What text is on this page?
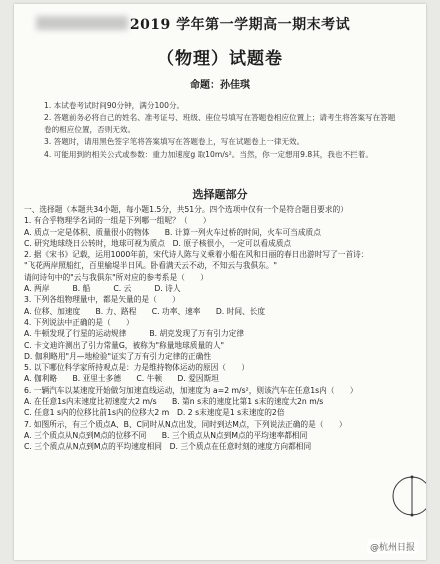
2019 学年第一学期高一期末考试
（物理）试题卷
命题：孙佳琪

1. 本试卷考试时间90分钟，满分100分。

2. 答题前务必将自己的姓名、准考证号、班级、座位号填写在答题卷相应位置上；请考生将答案写在答题卷的相应位置，否则无效。

3. 答题时，请用黑色签字笔将答案填写在答题卷上，写在试题卷上一律无效。

4. 可能用到的相关公式或参数：重力加速度g 取10m/s²。当然，你一定想用9.8其，我也不拦着。

选择题部分

一、选择题（本题共34小题，每小题1.5分，共51分。四个选项中仅有一个是符合题目要求的）

1. 有合乎物理学名词的一组是下列哪一组呢？（　　）

A. 质点一定是体积、质量很小的物体　　B. 计算一列火车过桥的时间，火车可当成质点

C. 研究地球绕日公转时，地球可视为质点　D. 原子核很小，一定可以看成质点

2. 据《宋书》记载，运用1000年前，宋代诗人陈与义乘着小船在风和日丽的春日出游时写了一首诗：

"飞花两岸照船红，百里榆堤半日风。卧看满天云不动，不知云与我俱东。"

请问诗句中的"云与我俱东"所对应的参考系是（　　）

A. 两岸　　　B. 船　　　C. 云　　　D. 诗人

3. 下列各组物理量中，都是矢量的是（　　）

A. 位移、加速度　　B. 力、路程　　C. 功率、速率　　D. 时间、长度

4. 下列说法中正确的是（　　）

A. 牛顿发现了行星的运动规律　　　B. 胡克发现了万有引力定律

C. 卡文迪许测出了引力常量G，被称为"称量地球质量的人"

D. 伽利略用"月—地检验"证实了万有引力定律的正确性

5. 以下哪位科学家所持观点是：力是维持物体运动的原因（　　）

A. 伽利略　　B. 亚里士多德　　C. 牛顿　　D. 爱因斯坦

6. 一辆汽车以某速度开始做匀加速直线运动，加速度为 a=2 m/s²，则该汽车在任意1s内（　　）

A. 在任意1s内末速度比初速度大2 m/s　　B. 第n s末的速度比第1 s末的速度大2n m/s

C. 任意1 s内的位移比前1s内的位移大2 m　D. 2 s末速度是1 s末速度的2倍

7. 如图所示，有三个质点A、B、C同时从N点出发，同时到达M点，下列说法正确的是（　　）

A. 三个质点从N点到M点的位移不同　　B. 三个质点从N点到M点的平均速率都相同

C. 三个质点从N点到M点的平均速度相同　D. 三个质点在任意时刻的速度方向都相同

@杭州日报
